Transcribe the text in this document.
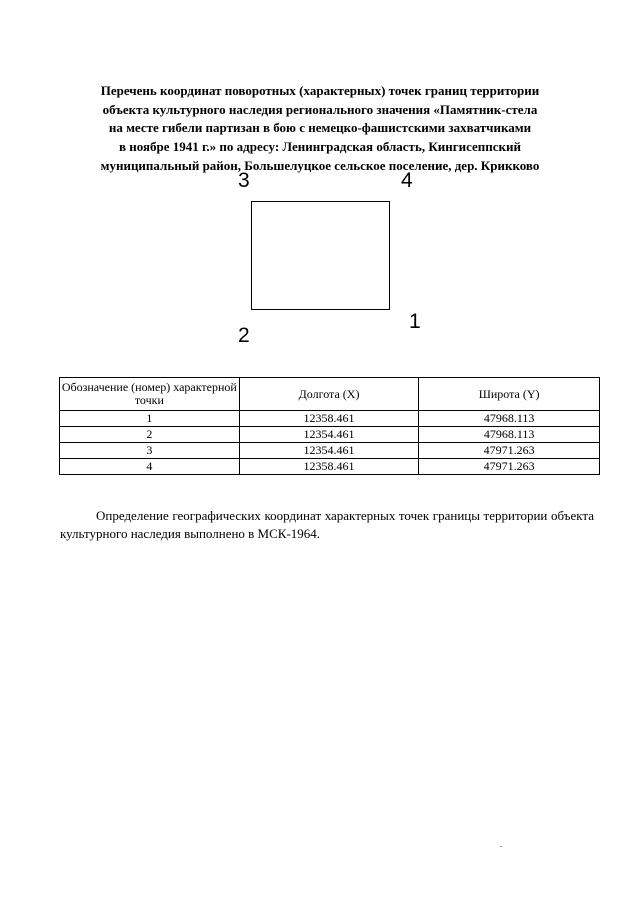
Перечень координат поворотных (характерных) точек границ территории
объекта культурного наследия регионального значения «Памятник-стела
на месте гибели партизан в бою с немецко-фашистскими захватчиками
в ноябре 1941 г.» по адресу: Ленинградская область, Кингисеппский
муниципальный район, Большелуцкое сельское поселение, дер. Крикково
3	4
1
2
Обозначение (номер) характерной точки	Долгота (X)	Широта (Y)
1	12358.461	47968.113
2	12354.461	47968.113
3	12354.461	47971.263
4	12358.461	47971.263

Определение географических координат характерных точек границы территории объекта культурного наследия выполнено в МСК-1964.
